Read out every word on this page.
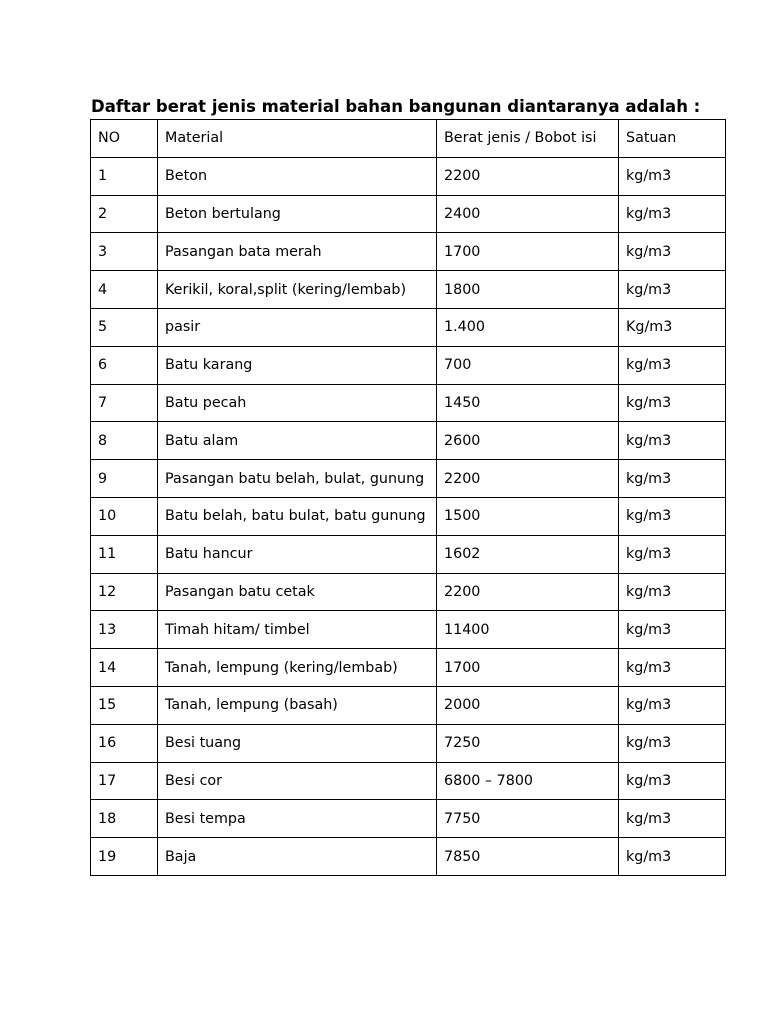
Daftar berat jenis material bahan bangunan diantaranya adalah :
NO	Material	Berat jenis / Bobot isi	Satuan
1	Beton	2200	kg/m3
2	Beton bertulang	2400	kg/m3
3	Pasangan bata merah	1700	kg/m3
4	Kerikil, koral,split (kering/lembab)	1800	kg/m3
5	pasir	1.400	Kg/m3
6	Batu karang	700	kg/m3
7	Batu pecah	1450	kg/m3
8	Batu alam	2600	kg/m3
9	Pasangan batu belah, bulat, gunung	2200	kg/m3
10	Batu belah, batu bulat, batu gunung	1500	kg/m3
11	Batu hancur	1602	kg/m3
12	Pasangan batu cetak	2200	kg/m3
13	Timah hitam/ timbel	11400	kg/m3
14	Tanah, lempung (kering/lembab)	1700	kg/m3
15	Tanah, lempung (basah)	2000	kg/m3
16	Besi tuang	7250	kg/m3
17	Besi cor	6800 – 7800	kg/m3
18	Besi tempa	7750	kg/m3
19	Baja	7850	kg/m3
